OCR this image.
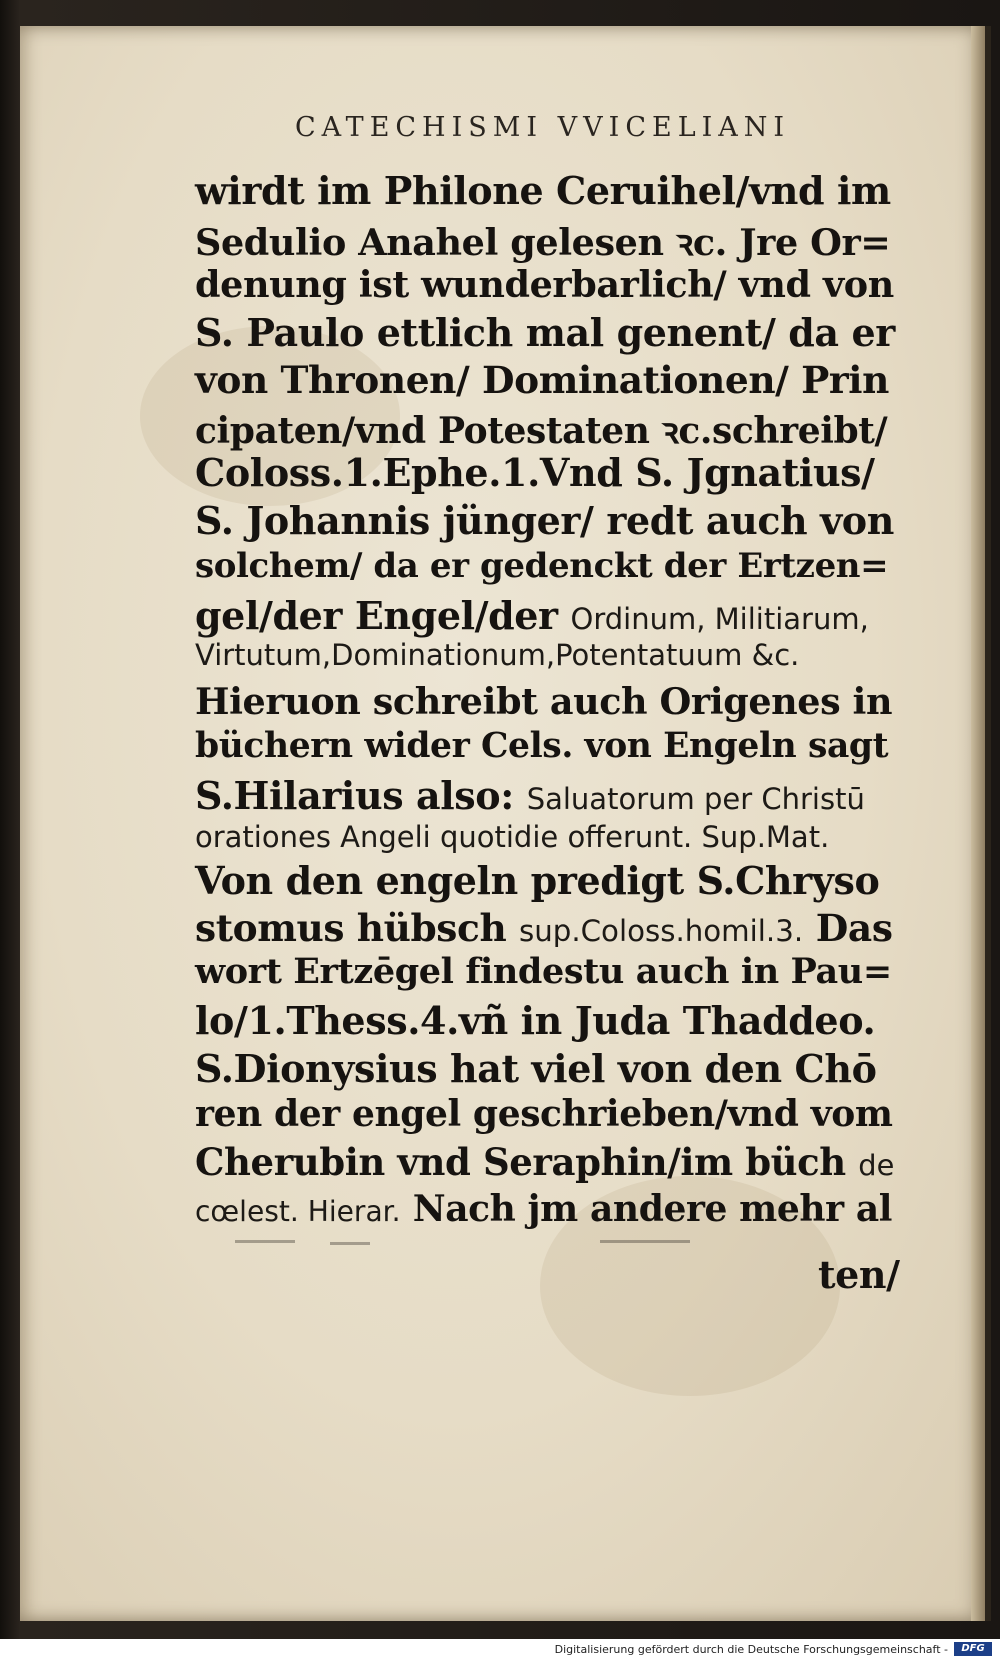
CATECHISMI VVICELIANI
wirdt im Philone Ceruihel/vnd im
Sedulio Anahel gelesen ꝛc. Jre Or=
denung ist wunderbarlich/ vnd von
S. Paulo ettlich mal genent/ da er
von Thronen/ Dominationen/ Prin
cipaten/vnd Potestaten ꝛc.schreibt/
Coloss.1.Ephe.1.Vnd S. Jgnatius/
S. Johannis jünger/ redt auch von
solchem/ da er gedenckt der Ertzen=
gel/der Engel/der Ordinum, Militiarum,
Virtutum,Dominationum,Potentatuum &c.
Hieruon schreibt auch Origenes in
büchern wider Cels. von Engeln sagt
S.Hilarius also: Saluatorum per Christū
orationes Angeli quotidie offerunt. Sup.Mat.
Von den engeln predigt S.Chryso
stomus hübsch sup.Coloss.homil.3. Das
wort Ertzēgel findestu auch in Pau=
lo/1.Thess.4.vñ in Juda Thaddeo.
S.Dionysius hat viel von den Chō
ren der engel geschrieben/vnd vom
Cherubin vnd Seraphin/im büch de
cœlest. Hierar. Nach jm andere mehr al
ten/
Digitalisierung gefördert durch die Deutsche Forschungsgemeinschaft -	DFG
